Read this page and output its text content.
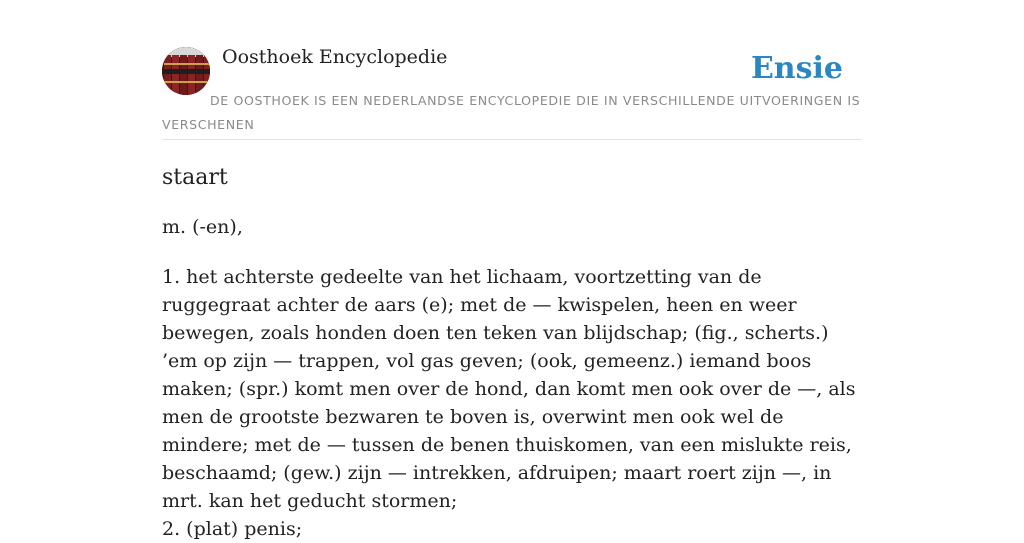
Oosthoek Encyclopedie	Ensie
DE OOSTHOEK IS EEN NEDERLANDSE ENCYCLOPEDIE DIE IN VERSCHILLENDE UITVOERINGEN IS VERSCHENEN
staart
m. (-en),

1. het achterste gedeelte van het lichaam, voortzetting van de ruggegraat achter de aars (e); met de — kwispelen, heen en weer bewegen, zoals honden doen ten teken van blijdschap; (fig., scherts.) ’em op zijn — trappen, vol gas geven; (ook, gemeenz.) iemand boos maken; (spr.) komt men over de hond, dan komt men ook over de —, als men de grootste bezwaren te boven is, overwint men ook wel de mindere; met de — tussen de benen thuiskomen, van een mislukte reis, beschaamd; (gew.) zijn — intrekken, afdruipen; maart roert zijn —, in mrt. kan het geducht stormen;

2. (plat) penis;
